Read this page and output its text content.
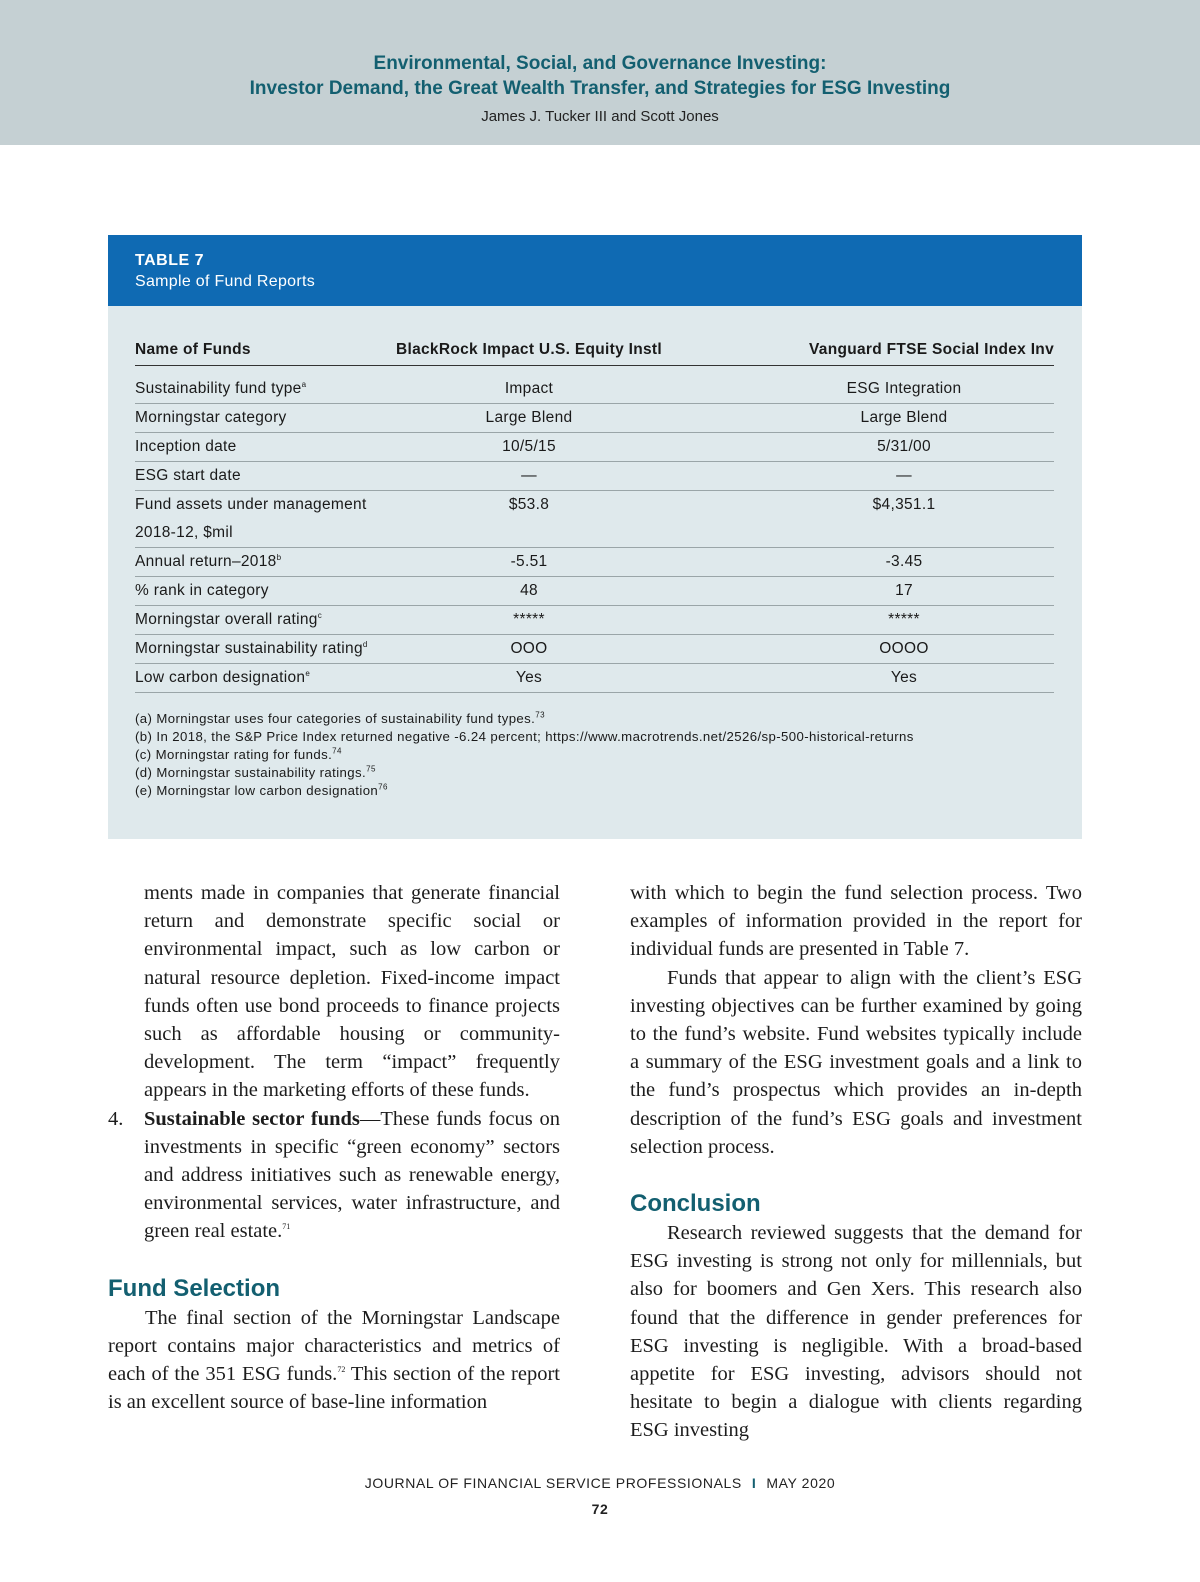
Environmental, Social, and Governance Investing:
Investor Demand, the Great Wealth Transfer, and Strategies for ESG Investing
James J. Tucker III and Scott Jones
TABLE 7
Sample of Fund Reports
Name of Funds	BlackRock Impact U.S. Equity Instl	Vanguard FTSE Social Index Inv

Sustainability fund type$^a$	Impact	ESG Integration
Morningstar category	Large Blend	Large Blend
Inception date	10/5/15	5/31/00
ESG start date	—	—
Fund assets under management	$53.8	$4,351.1
2018-12, $mil		
Annual return–2018$^b$	-5.51	-3.45
% rank in category	48	17
Morningstar overall rating$^c$	*****	*****
Morningstar sustainability rating$^d$	OOO	OOOO
Low carbon designation$^e$	Yes	Yes
(a) Morningstar uses four categories of sustainability fund types.$^{73}$
(b) In 2018, the S&P Price Index returned negative -6.24 percent; https://www.macrotrends.net/2526/sp-500-historical-returns
(c) Morningstar rating for funds.$^{74}$
(d) Morningstar sustainability ratings.$^{75}$
(e) Morningstar low carbon designation$^{76}$

ments made in companies that generate financial return and demonstrate specific social or environmental impact, such as low carbon or natural resource depletion. Fixed-income impact funds often use bond proceeds to finance projects such as affordable housing or community-development. The term “impact” frequently appears in the marketing efforts of these funds.

4. Sustainable sector funds—These funds focus on investments in specific “green economy” sectors and address initiatives such as renewable energy, environmental services, water infrastructure, and green real estate.$^{71}$

Fund Selection

The final section of the Morningstar Landscape report contains major characteristics and metrics of each of the 351 ESG funds.$^{72}$ This section of the report is an excellent source of base-line information

with which to begin the fund selection process. Two examples of information provided in the report for individual funds are presented in Table 7.

Funds that appear to align with the client’s ESG investing objectives can be further examined by going to the fund’s website. Fund websites typically include a summary of the ESG investment goals and a link to the fund’s prospectus which provides an in-depth description of the fund’s ESG goals and investment selection process.

Conclusion

Research reviewed suggests that the demand for ESG investing is strong not only for millennials, but also for boomers and Gen Xers. This research also found that the difference in gender preferences for ESG investing is negligible. With a broad-based appetite for ESG investing, advisors should not hesitate to begin a dialogue with clients regarding ESG investing

JOURNAL OF FINANCIAL SERVICE PROFESSIONALS I MAY 2020
72
